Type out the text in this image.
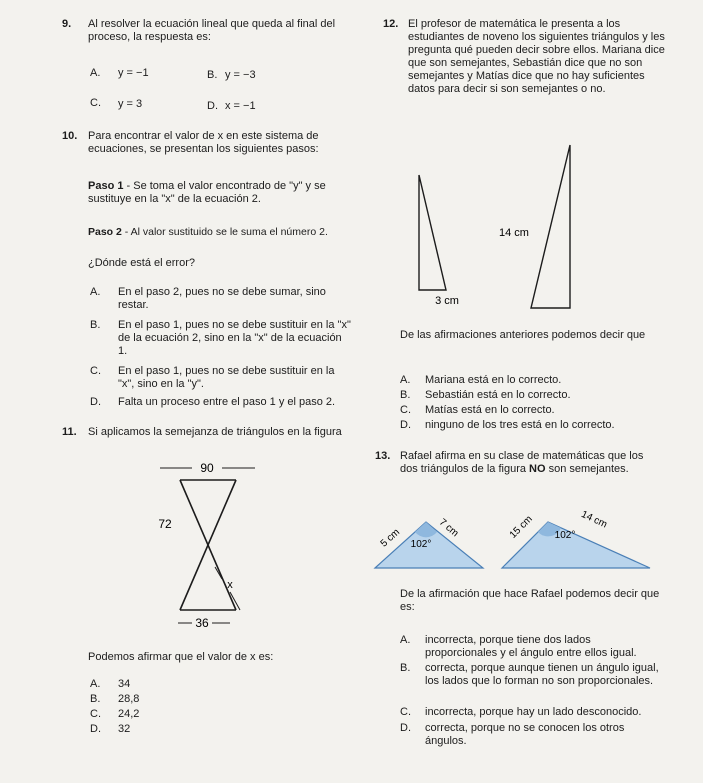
9. Al resolver la ecuación lineal que queda al final del proceso, la respuesta es:
A. y = −1	B. y = −3
C. y = 3	D. x = −1
10. Para encontrar el valor de x en este sistema de ecuaciones, se presentan los siguientes pasos:
Paso 1 - Se toma el valor encontrado de "y" y se sustituye en la "x" de la ecuación 2.
Paso 2 - Al valor sustituido se le suma el número 2.
¿Dónde está el error?
A. En el paso 2, pues no se debe sumar, sino restar.
B. En el paso 1, pues no se debe sustituir en la "x" de la ecuación 2, sino en la "x" de la ecuación 1.
C. En el paso 1, pues no se debe sustituir en la "x", sino en la "y".
D. Falta un proceso entre el paso 1 y el paso 2.
11. Si aplicamos la semejanza de triángulos en la figura
90
72
x
36
Podemos afirmar que el valor de x es:
A. 34
B. 28,8
C. 24,2
D. 32
12. El profesor de matemática le presenta a los estudiantes de noveno los siguientes triángulos y les pregunta qué pueden decir sobre ellos. Mariana dice que son semejantes, Sebastián dice que no son semejantes y Matías dice que no hay suficientes datos para decir si son semejantes o no.
14 cm
3 cm
De las afirmaciones anteriores podemos decir que
A. Mariana está en lo correcto.
B. Sebastián está en lo correcto.
C. Matías está en lo correcto.
D. ninguno de los tres está en lo correcto.
13. Rafael afirma en su clase de matemáticas que los dos triángulos de la figura NO son semejantes.
5 cm	7 cm
102°
15 cm	14 cm
102°
De la afirmación que hace Rafael podemos decir que es:
A. incorrecta, porque tiene dos lados proporcionales y el ángulo entre ellos igual.
B. correcta, porque aunque tienen un ángulo igual, los lados que lo forman no son proporcionales.
C. incorrecta, porque hay un lado desconocido.
D. correcta, porque no se conocen los otros ángulos.
